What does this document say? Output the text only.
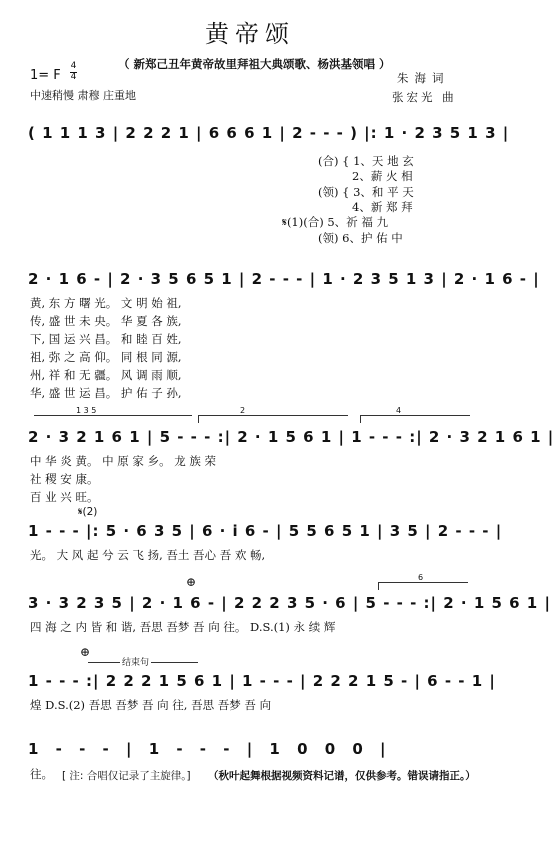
黄帝颂
（ 新郑己丑年黄帝故里拜祖大典颂歌、杨洪基领唱 ）
1= F
4
4
中速稍慢 肃穆 庄重地
朱海词
张宏光 曲
( 1 1 1 3 | 2 2 2 1 | 6 6 6 1 | 2 - - - ) |: 1 · 2 3 5 1 3 |
(合) { 1、天 地 玄
2、薪 火 相
(领) { 3、和 平 天
4、新 郑 拜
𝄋(1)(合) 5、祈 福 九
(领) 6、护 佑 中
2 · 1 6 - | 2 · 3 5 6 5 1 | 2 - - - | 1 · 2 3 5 1 3 | 2 · 1 6 - |
黄, 东 方 曙 光。 文 明 始 祖,
传, 盛 世 未 央。 华 夏 各 族,
下, 国 运 兴 昌。 和 睦 百 姓,
祖, 弥 之 高 仰。 同 根 同 源,
州, 祥 和 无 疆。 风 调 雨 顺,
华, 盛 世 运 昌。 护 佑 子 孙,
1 3 5	2	4
2 · 3 2 1 6 1 | 5 - - - :| 2 · 1 5 6 1 | 1 - - - :| 2 · 3 2 1 6 1 |
中 华 炎 黄。 中 原 家 乡。 龙 族 荣
社 稷 安 康。
百 业 兴 旺。
𝄋(2)
1 - - - |: 5 · 6 3 5 | 6 · i 6 - | 5 5 6 5 1 | 3 5 | 2 - - - |
光。 大 风 起 兮 云 飞 扬, 吾土 吾心 吾 欢 畅,
⊕	6
3 · 3 2 3 5 | 2 · 1 6 - | 2 2 2 3 5 · 6 | 5 - - - :| 2 · 1 5 6 1 |
四 海 之 内 皆 和 谐, 吾思 吾梦 吾 向 往。 D.S.(1) 永 续 辉
⊕
结束句
1 - - - :| 2 2 2 1 5 6 1 | 1 - - - | 2 2 2 1 5 - | 6 - - 1 |
煌 D.S.(2) 吾思 吾梦 吾 向 往, 吾思 吾梦 吾 向
1 - - - | 1 - - - | 1 0 0 0 |
往。 [ 注: 合唱仅记录了主旋律。] （秋叶起舞根据视频资料记谱，仅供参考。错误请指正。）
